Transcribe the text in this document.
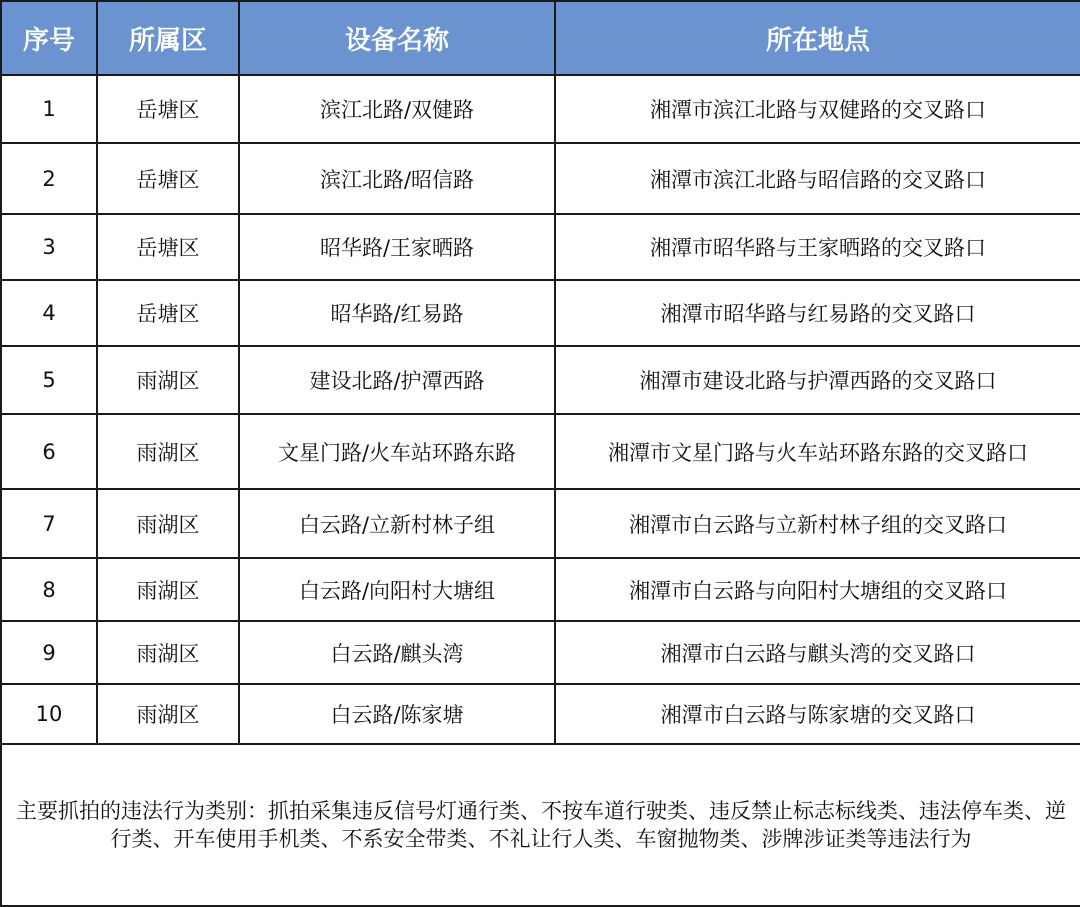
序号	所属区	设备名称	所在地点
1	岳塘区	滨江北路/双健路	湘潭市滨江北路与双健路的交叉路口
2	岳塘区	滨江北路/昭信路	湘潭市滨江北路与昭信路的交叉路口
3	岳塘区	昭华路/王家晒路	湘潭市昭华路与王家晒路的交叉路口
4	岳塘区	昭华路/红易路	湘潭市昭华路与红易路的交叉路口
5	雨湖区	建设北路/护潭西路	湘潭市建设北路与护潭西路的交叉路口
6	雨湖区	文星门路/火车站环路东路	湘潭市文星门路与火车站环路东路的交叉路口
7	雨湖区	白云路/立新村林子组	湘潭市白云路与立新村林子组的交叉路口
8	雨湖区	白云路/向阳村大塘组	湘潭市白云路与向阳村大塘组的交叉路口
9	雨湖区	白云路/麒头湾	湘潭市白云路与麒头湾的交叉路口
10	雨湖区	白云路/陈家塘	湘潭市白云路与陈家塘的交叉路口
主要抓拍的违法行为类别：抓拍采集违反信号灯通行类、不按车道行驶类、违反禁止标志标线类、违法停车类、逆行类、开车使用手机类、不系安全带类、不礼让行人类、车窗抛物类、涉牌涉证类等违法行为			
